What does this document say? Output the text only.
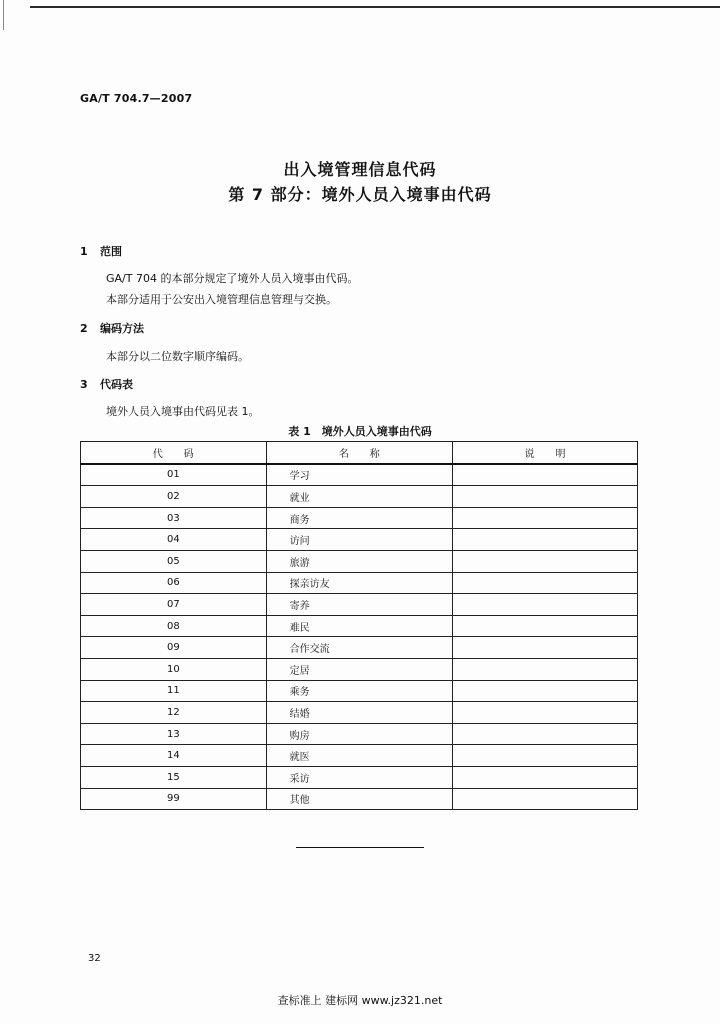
GA/T 704.7—2007
出入境管理信息代码
第 7 部分：境外人员入境事由代码
1 范围
GA/T 704 的本部分规定了境外人员入境事由代码。
本部分适用于公安出入境管理信息管理与交换。
2 编码方法
本部分以二位数字顺序编码。
3 代码表
境外人员入境事由代码见表 1。
表 1　境外人员入境事由代码
代　　码	名　　称	说　　明
01	学习	
02	就业	
03	商务	
04	访问	
05	旅游	
06	探亲访友	
07	寄养	
08	难民	
09	合作交流	
10	定居	
11	乘务	
12	结婚	
13	购房	
14	就医	
15	采访	
99	其他	
32
查标准上 建标网 www.jz321.net
